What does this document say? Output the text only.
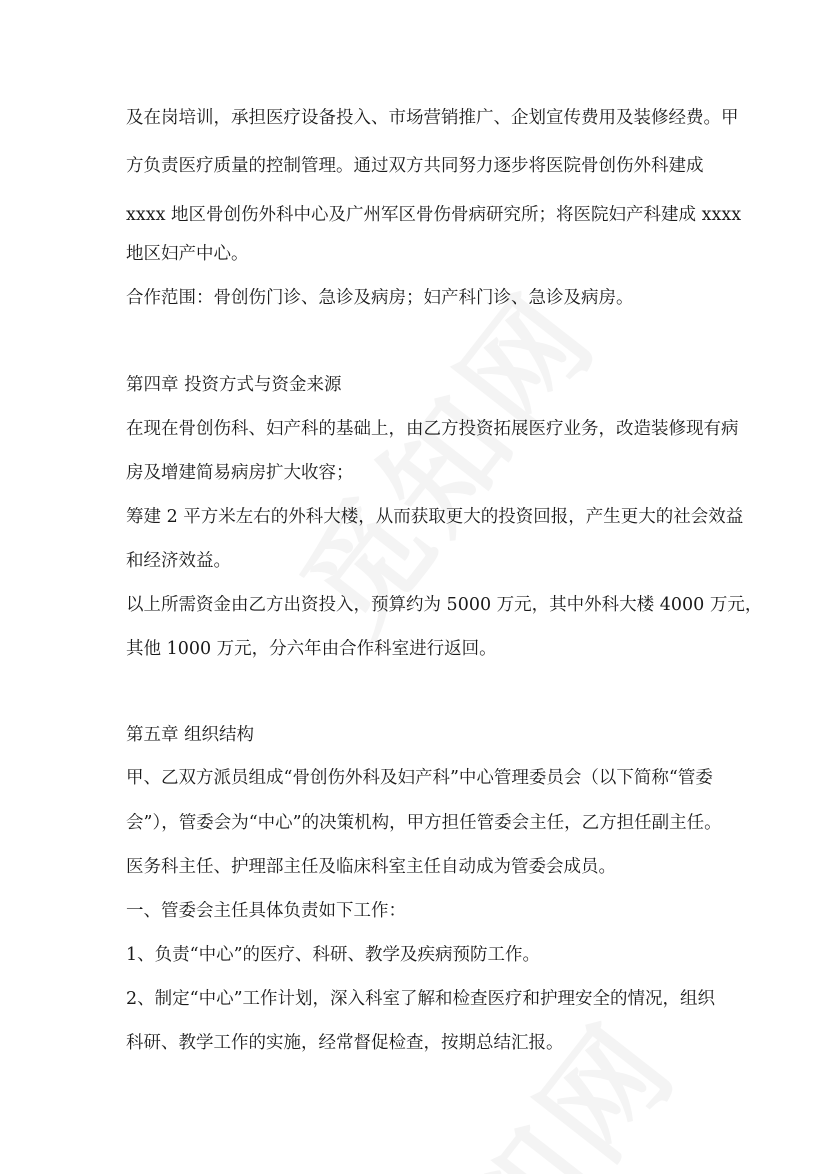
及在岗培训，承担医疗设备投入、市场营销推广、企划宣传费用及装修经费。甲

方负责医疗质量的控制管理。通过双方共同努力逐步将医院骨创伤外科建成

xxxx 地区骨创伤外科中心及广州军区骨伤骨病研究所；将医院妇产科建成 xxxx

地区妇产中心。

合作范围：骨创伤门诊、急诊及病房；妇产科门诊、急诊及病房。

第四章 投资方式与资金来源

在现在骨创伤科、妇产科的基础上，由乙方投资拓展医疗业务，改造装修现有病

房及增建简易病房扩大收容；

筹建 2 平方米左右的外科大楼，从而获取更大的投资回报，产生更大的社会效益

和经济效益。

以上所需资金由乙方出资投入，预算约为 5000 万元，其中外科大楼 4000 万元，

其他 1000 万元，分六年由合作科室进行返回。

第五章 组织结构

甲、乙双方派员组成“骨创伤外科及妇产科”中心管理委员会（以下简称“管委

会”），管委会为“中心”的决策机构，甲方担任管委会主任，乙方担任副主任。

医务科主任、护理部主任及临床科室主任自动成为管委会成员。

一、管委会主任具体负责如下工作：

1、负责“中心”的医疗、科研、教学及疾病预防工作。

2、制定“中心”工作计划，深入科室了解和检查医疗和护理安全的情况，组织

科研、教学工作的实施，经常督促检查，按期总结汇报。
